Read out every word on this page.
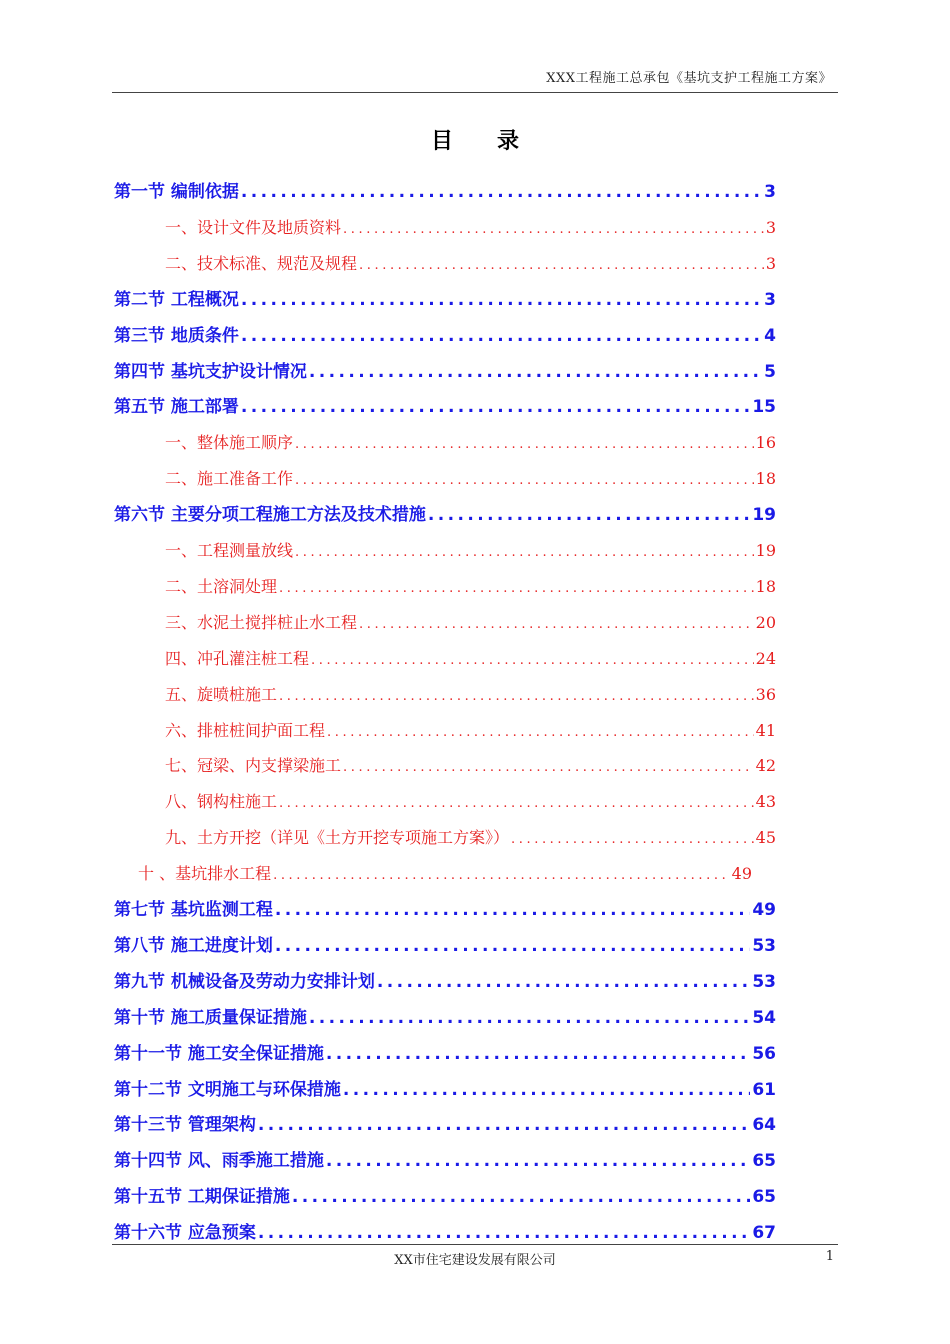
XXX工程施工总承包《基坑支护工程施工方案》
目　　录
第一节 编制依据 .....	3
一、设计文件及地质资料 .....	3
二、技术标准、规范及规程 .....	3
第二节 工程概况 .....	3
第三节 地质条件 .....	4
第四节 基坑支护设计情况 .....	5
第五节 施工部署 .....	15
一、整体施工顺序 .....	16
二、施工准备工作 .....	18
第六节 主要分项工程施工方法及技术措施 .....	19
一、工程测量放线 .....	19
二、土溶洞处理 .....	18
三、水泥土搅拌桩止水工程 .....	20
四、冲孔灌注桩工程 .....	24
五、旋喷桩施工 .....	36
六、排桩桩间护面工程 .....	41
七、冠梁、内支撑梁施工 .....	42
八、钢构柱施工 .....	43
九、土方开挖（详见《土方开挖专项施工方案》） .....	45
十 、基坑排水工程 .....	49
第七节 基坑监测工程 .....	49
第八节 施工进度计划 .....	53
第九节 机械设备及劳动力安排计划 .....	53
第十节 施工质量保证措施 .....	54
第十一节 施工安全保证措施 .....	56
第十二节 文明施工与环保措施 .....	61
第十三节 管理架构 .....	64
第十四节 风、雨季施工措施 .....	65
第十五节 工期保证措施 .....	65
第十六节 应急预案 .....	67
XX市住宅建设发展有限公司	1
